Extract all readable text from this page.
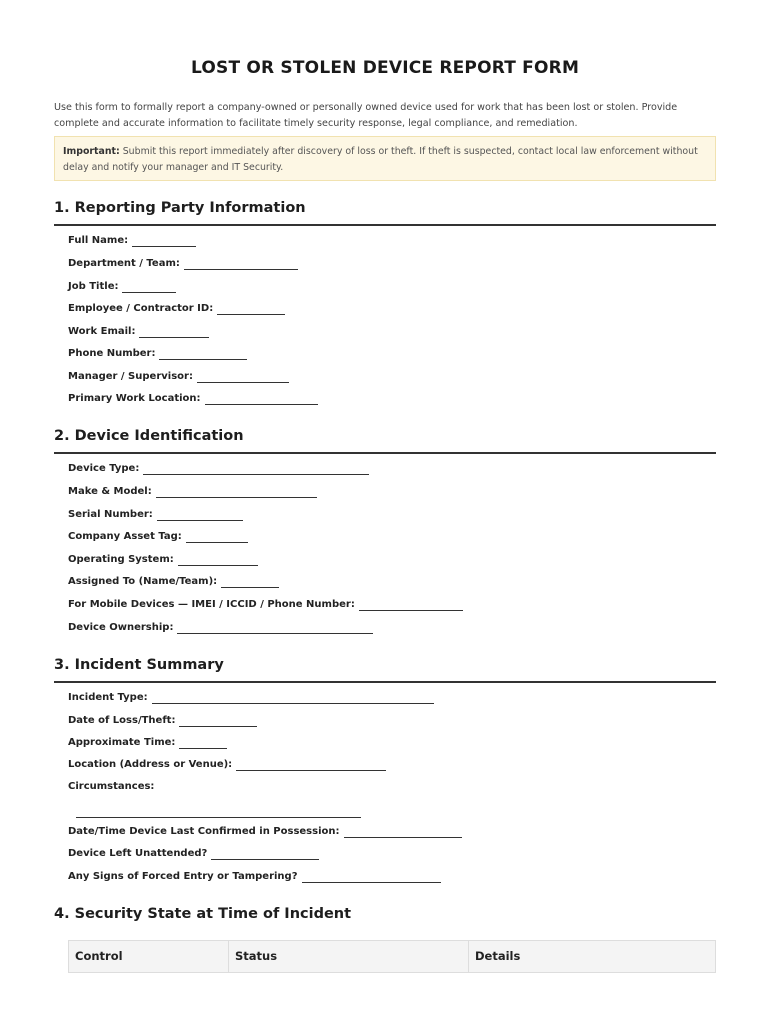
LOST OR STOLEN DEVICE REPORT FORM
Use this form to formally report a company-owned or personally owned device used for work that has been lost or stolen. Provide complete and accurate information to facilitate timely security response, legal compliance, and remediation.
Important: Submit this report immediately after discovery of loss or theft. If theft is suspected, contact local law enforcement without delay and notify your manager and IT Security.
1. Reporting Party Information
Full Name:
Department / Team:
Job Title:
Employee / Contractor ID:
Work Email:
Phone Number:
Manager / Supervisor:
Primary Work Location:
2. Device Identification
Device Type:
Make & Model:
Serial Number:
Company Asset Tag:
Operating System:
Assigned To (Name/Team):
For Mobile Devices — IMEI / ICCID / Phone Number:
Device Ownership:
3. Incident Summary
Incident Type:
Date of Loss/Theft:
Approximate Time:
Location (Address or Venue):
Circumstances:
Date/Time Device Last Confirmed in Possession:
Device Left Unattended?
Any Signs of Forced Entry or Tampering?
4. Security State at Time of Incident
Control	Status	Details
